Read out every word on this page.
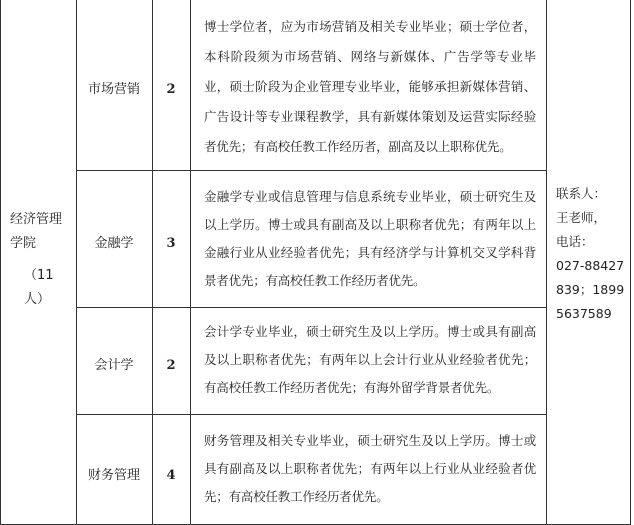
经济管理学院
（11人）
市场营销	2
博士学位者，应为市场营销及相关专业毕业；硕士学位者，本科阶段须为市场营销、网络与新媒体、广告学等专业毕业，硕士阶段为企业管理专业毕业，能够承担新媒体营销、广告设计等专业课程教学，具有新媒体策划及运营实际经验者优先；有高校任教工作经历者，副高及以上职称优先。
金融学	3
金融学专业或信息管理与信息系统专业毕业，硕士研究生及以上学历。博士或具有副高及以上职称者优先；有两年以上金融行业从业经验者优先；具有经济学与计算机交叉学科背景者优先；有高校任教工作经历者优先。
会计学	2
会计学专业毕业，硕士研究生及以上学历。博士或具有副高及以上职称者优先；有两年以上会计行业从业经验者优先；有高校任教工作经历者优先；有海外留学背景者优先。
财务管理	4
财务管理及相关专业毕业，硕士研究生及以上学历。博士或具有副高及以上职称者优先；有两年以上行业从业经验者优先；有高校任教工作经历者优先。
联系人：
王老师，
电话：
027-88427839；18995637589
